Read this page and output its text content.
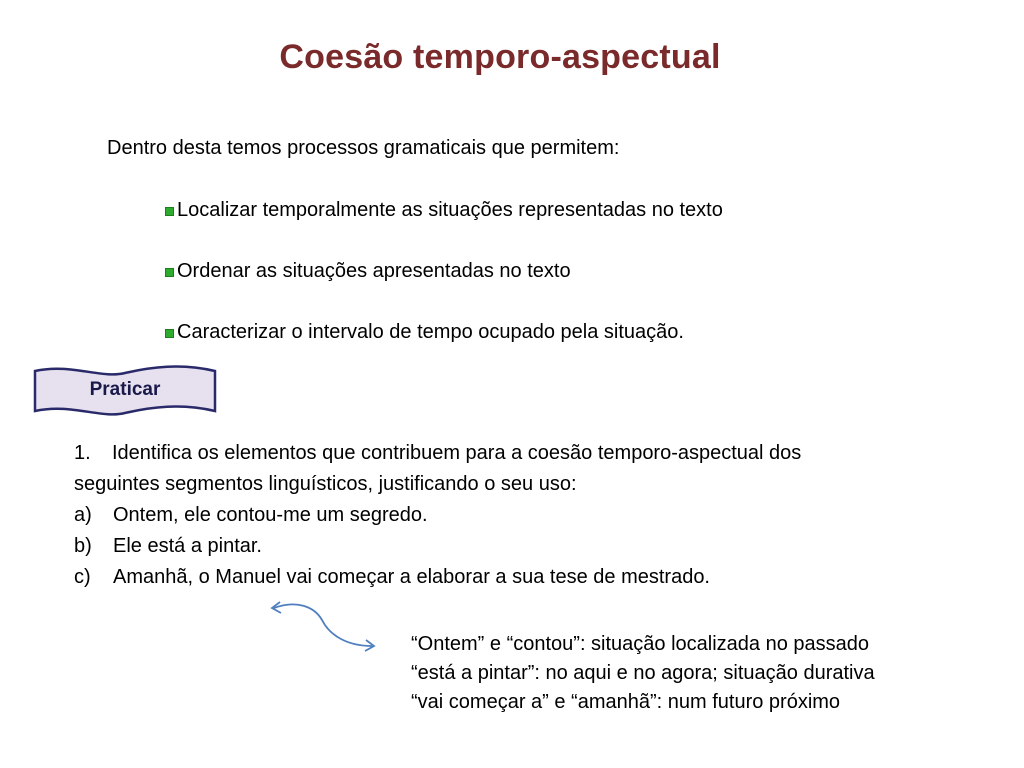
Coesão temporo-aspectual
Dentro desta temos processos gramaticais que permitem:
Localizar temporalmente as situações representadas no texto
Ordenar as situações apresentadas no texto
Caracterizar o intervalo de tempo ocupado pela situação.
Praticar
1.	Identifica os elementos que contribuem para a coesão temporo-aspectual dos
seguintes segmentos linguísticos, justificando o seu uso:
a)	Ontem, ele contou-me um segredo.
b)	Ele está a pintar.
c)	Amanhã, o Manuel vai começar a elaborar a sua tese de mestrado.
“Ontem” e “contou”: situação localizada no passado
“está a pintar”: no aqui e no agora; situação durativa
“vai começar a” e “amanhã”: num futuro próximo
